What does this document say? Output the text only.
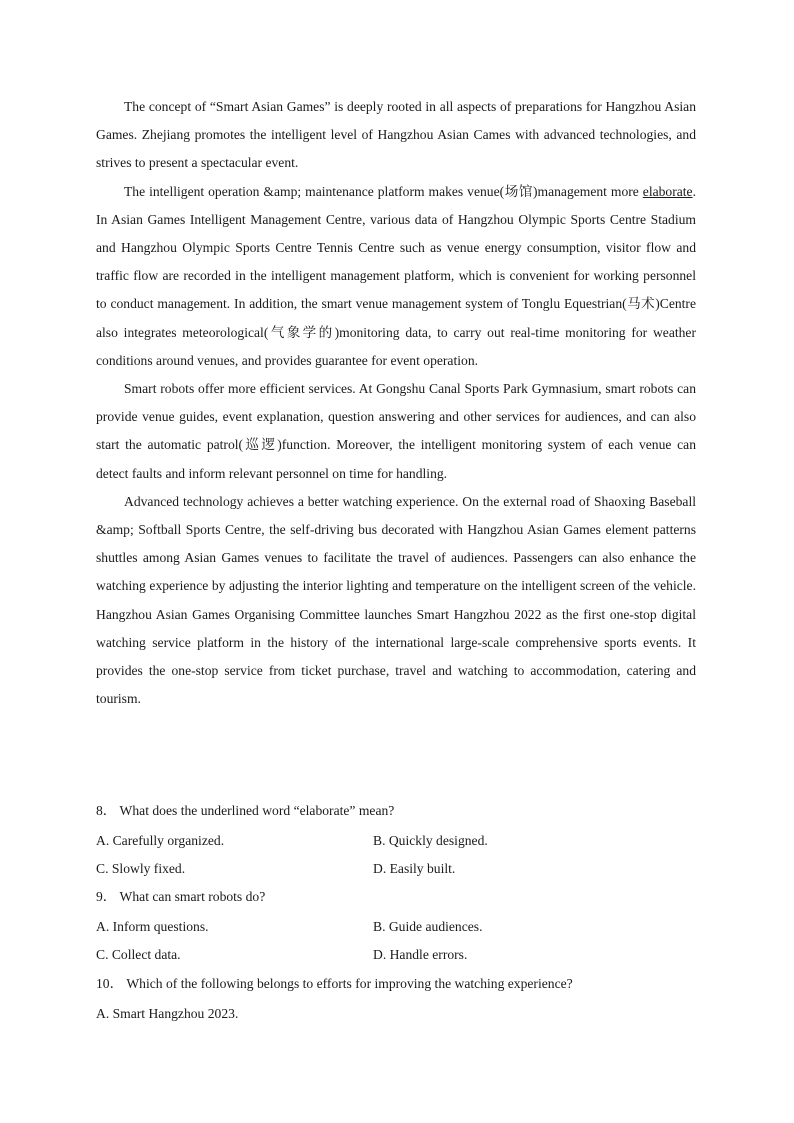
The concept of “Smart Asian Games” is deeply rooted in all aspects of preparations for Hangzhou Asian Games. Zhejiang promotes the intelligent level of Hangzhou Asian Cames with advanced technologies, and strives to present a spectacular event.

The intelligent operation &amp; maintenance platform makes venue(场馆)management more elaborate. In Asian Games Intelligent Management Centre, various data of Hangzhou Olympic Sports Centre Stadium and Hangzhou Olympic Sports Centre Tennis Centre such as venue energy consumption, visitor flow and traffic flow are recorded in the intelligent management platform, which is convenient for working personnel to conduct management. In addition, the smart venue management system of Tonglu Equestrian(马术)Centre also integrates meteorological(气象学的)monitoring data, to carry out real-time monitoring for weather conditions around venues, and provides guarantee for event operation.

Smart robots offer more efficient services. At Gongshu Canal Sports Park Gymnasium, smart robots can provide venue guides, event explanation, question answering and other services for audiences, and can also start the automatic patrol(巡逻)function. Moreover, the intelligent monitoring system of each venue can detect faults and inform relevant personnel on time for handling.

Advanced technology achieves a better watching experience. On the external road of Shaoxing Baseball &amp; Softball Sports Centre, the self-driving bus decorated with Hangzhou Asian Games element patterns shuttles among Asian Games venues to facilitate the travel of audiences. Passengers can also enhance the watching experience by adjusting the interior lighting and temperature on the intelligent screen of the vehicle. Hangzhou Asian Games Organising Committee launches Smart Hangzhou 2022 as the first one-stop digital watching service platform in the history of the international large-scale comprehensive sports events. It provides the one-stop service from ticket purchase, travel and watching to accommodation, catering and tourism.

8． What does the underlined word “elaborate” mean?

A. Carefully organized.	B. Quickly designed.

C. Slowly fixed.	D. Easily built.

9． What can smart robots do?

A. Inform questions.	B. Guide audiences.

C. Collect data.	D. Handle errors.

10． Which of the following belongs to efforts for improving the watching experience?

A. Smart Hangzhou 2023.
